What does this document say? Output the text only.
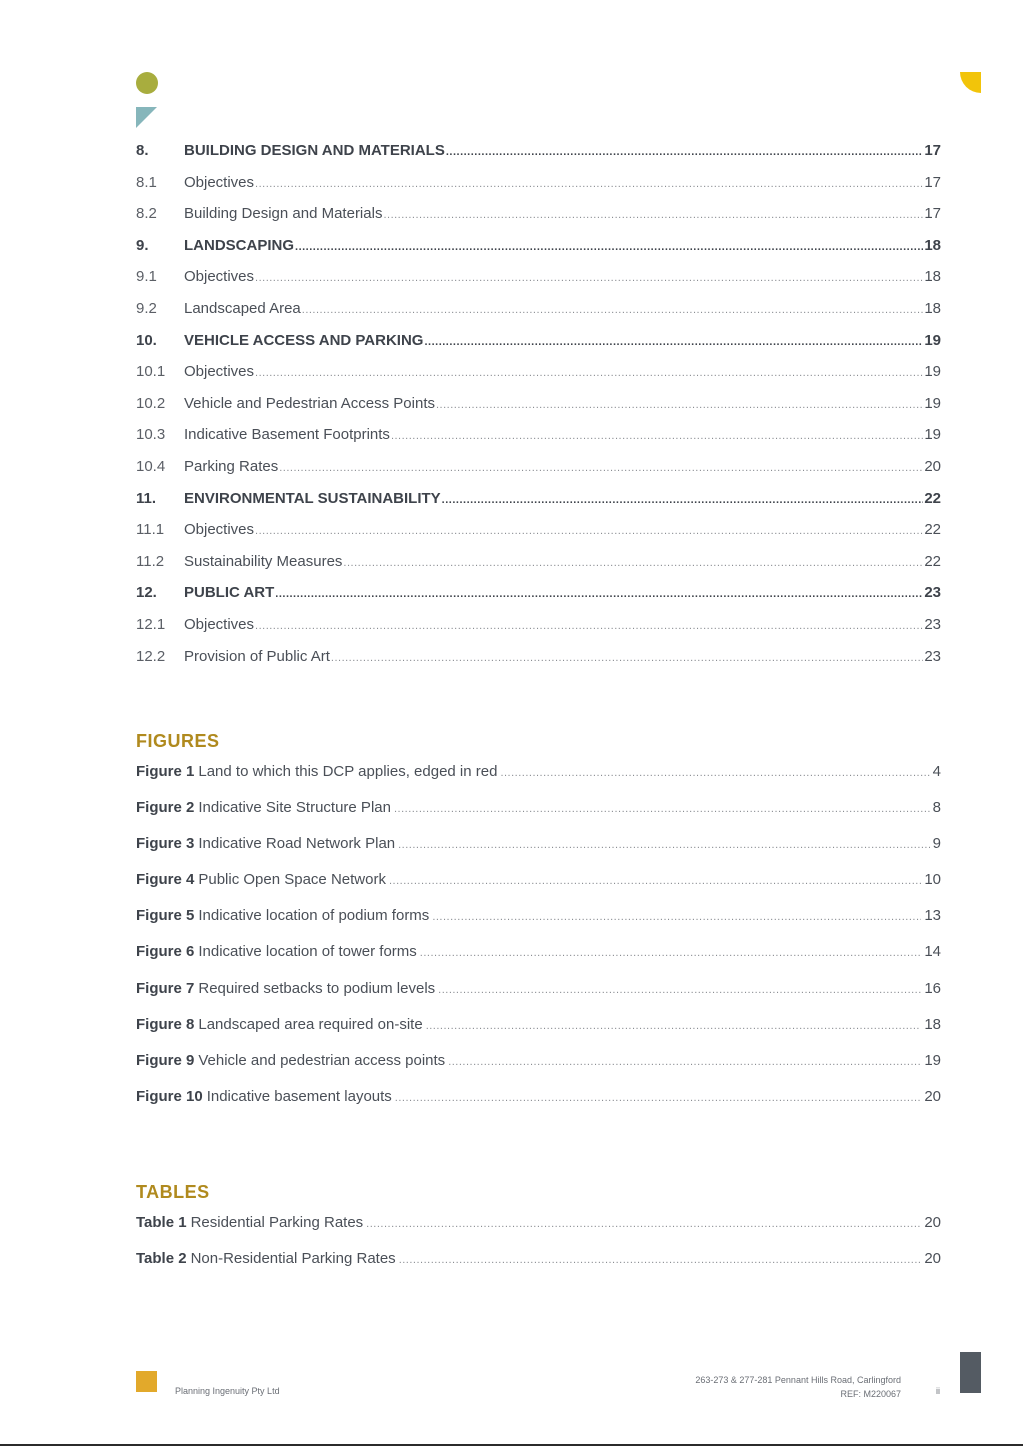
8.	BUILDING DESIGN AND MATERIALS .....	17
8.1	Objectives .....	17
8.2	Building Design and Materials .....	17
9.	LANDSCAPING .....	18
9.1	Objectives .....	18
9.2	Landscaped Area .....	18
10.	VEHICLE ACCESS AND PARKING .....	19
10.1	Objectives .....	19
10.2	Vehicle and Pedestrian Access Points .....	19
10.3	Indicative Basement Footprints .....	19
10.4	Parking Rates .....	20
11.	ENVIRONMENTAL SUSTAINABILITY .....	22
11.1	Objectives .....	22
11.2	Sustainability Measures .....	22
12.	PUBLIC ART .....	23
12.1	Objectives .....	23
12.2	Provision of Public Art .....	23
FIGURES
Figure 1 Land to which this DCP applies, edged in red .....	4
Figure 2 Indicative Site Structure Plan .....	8
Figure 3 Indicative Road Network Plan .....	9
Figure 4 Public Open Space Network .....	10
Figure 5 Indicative location of podium forms .....	13
Figure 6 Indicative location of tower forms .....	14
Figure 7 Required setbacks to podium levels .....	16
Figure 8 Landscaped area required on-site .....	18
Figure 9 Vehicle and pedestrian access points .....	19
Figure 10 Indicative basement layouts .....	20
TABLES
Table 1 Residential Parking Rates .....	20
Table 2 Non-Residential Parking Rates .....	20
Planning Ingenuity Pty Ltd
263-273 & 277-281 Pennant Hills Road, Carlingford
REF: M220067	ii
